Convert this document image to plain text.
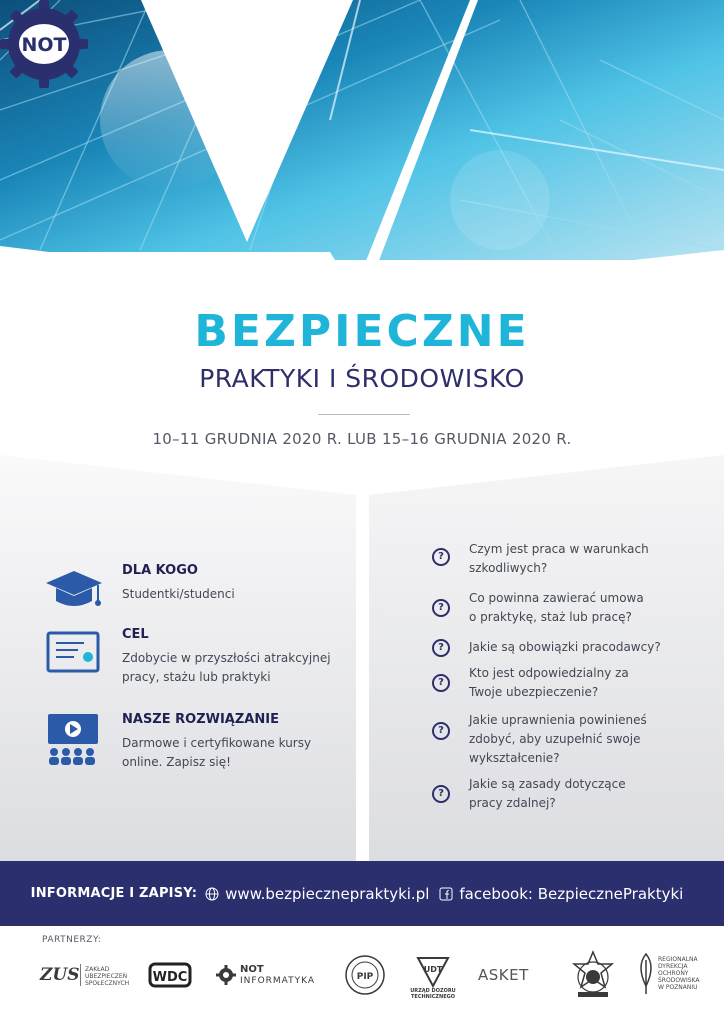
NOT
BEZPIECZNE
PRAKTYKI I ŚRODOWISKO
10–11 GRUDNIA 2020 R. LUB 15–16 GRUDNIA 2020 R.
DLA KOGO
Studentki/studenci
CEL
Zdobycie w przyszłości atrakcyjnej pracy, stażu lub praktyki
NASZE ROZWIĄZANIE
Darmowe i certyfikowane kursy online. Zapisz się!
?
Czym jest praca w warunkach szkodliwych?
?
Co powinna zawierać umowa o praktykę, staż lub pracę?
?	Jakie są obowiązki pracodawcy?
?
Kto jest odpowiedzialny za Twoje ubezpieczenie?
?
Jakie uprawnienia powinieneś zdobyć, aby uzupełnić swoje wykształcenie?
?
Jakie są zasady dotyczące pracy zdalnej?
INFORMACJE I ZAPISY: www.bezpiecznepraktyki.pl facebook: BezpiecznePraktyki
PARTNERZY:
ZUS ZAKŁAD
UBEZPIECZEŃ
SPOŁECZNYCH WDC
NOT
INFORMATYKA	PIP
UDT
URZĄD DOZORU
TECHNICZNEGO
ASKET
REGIONALNA
DYREKCJA
OCHRONY
ŚRODOWISKA
W POZNANIU
